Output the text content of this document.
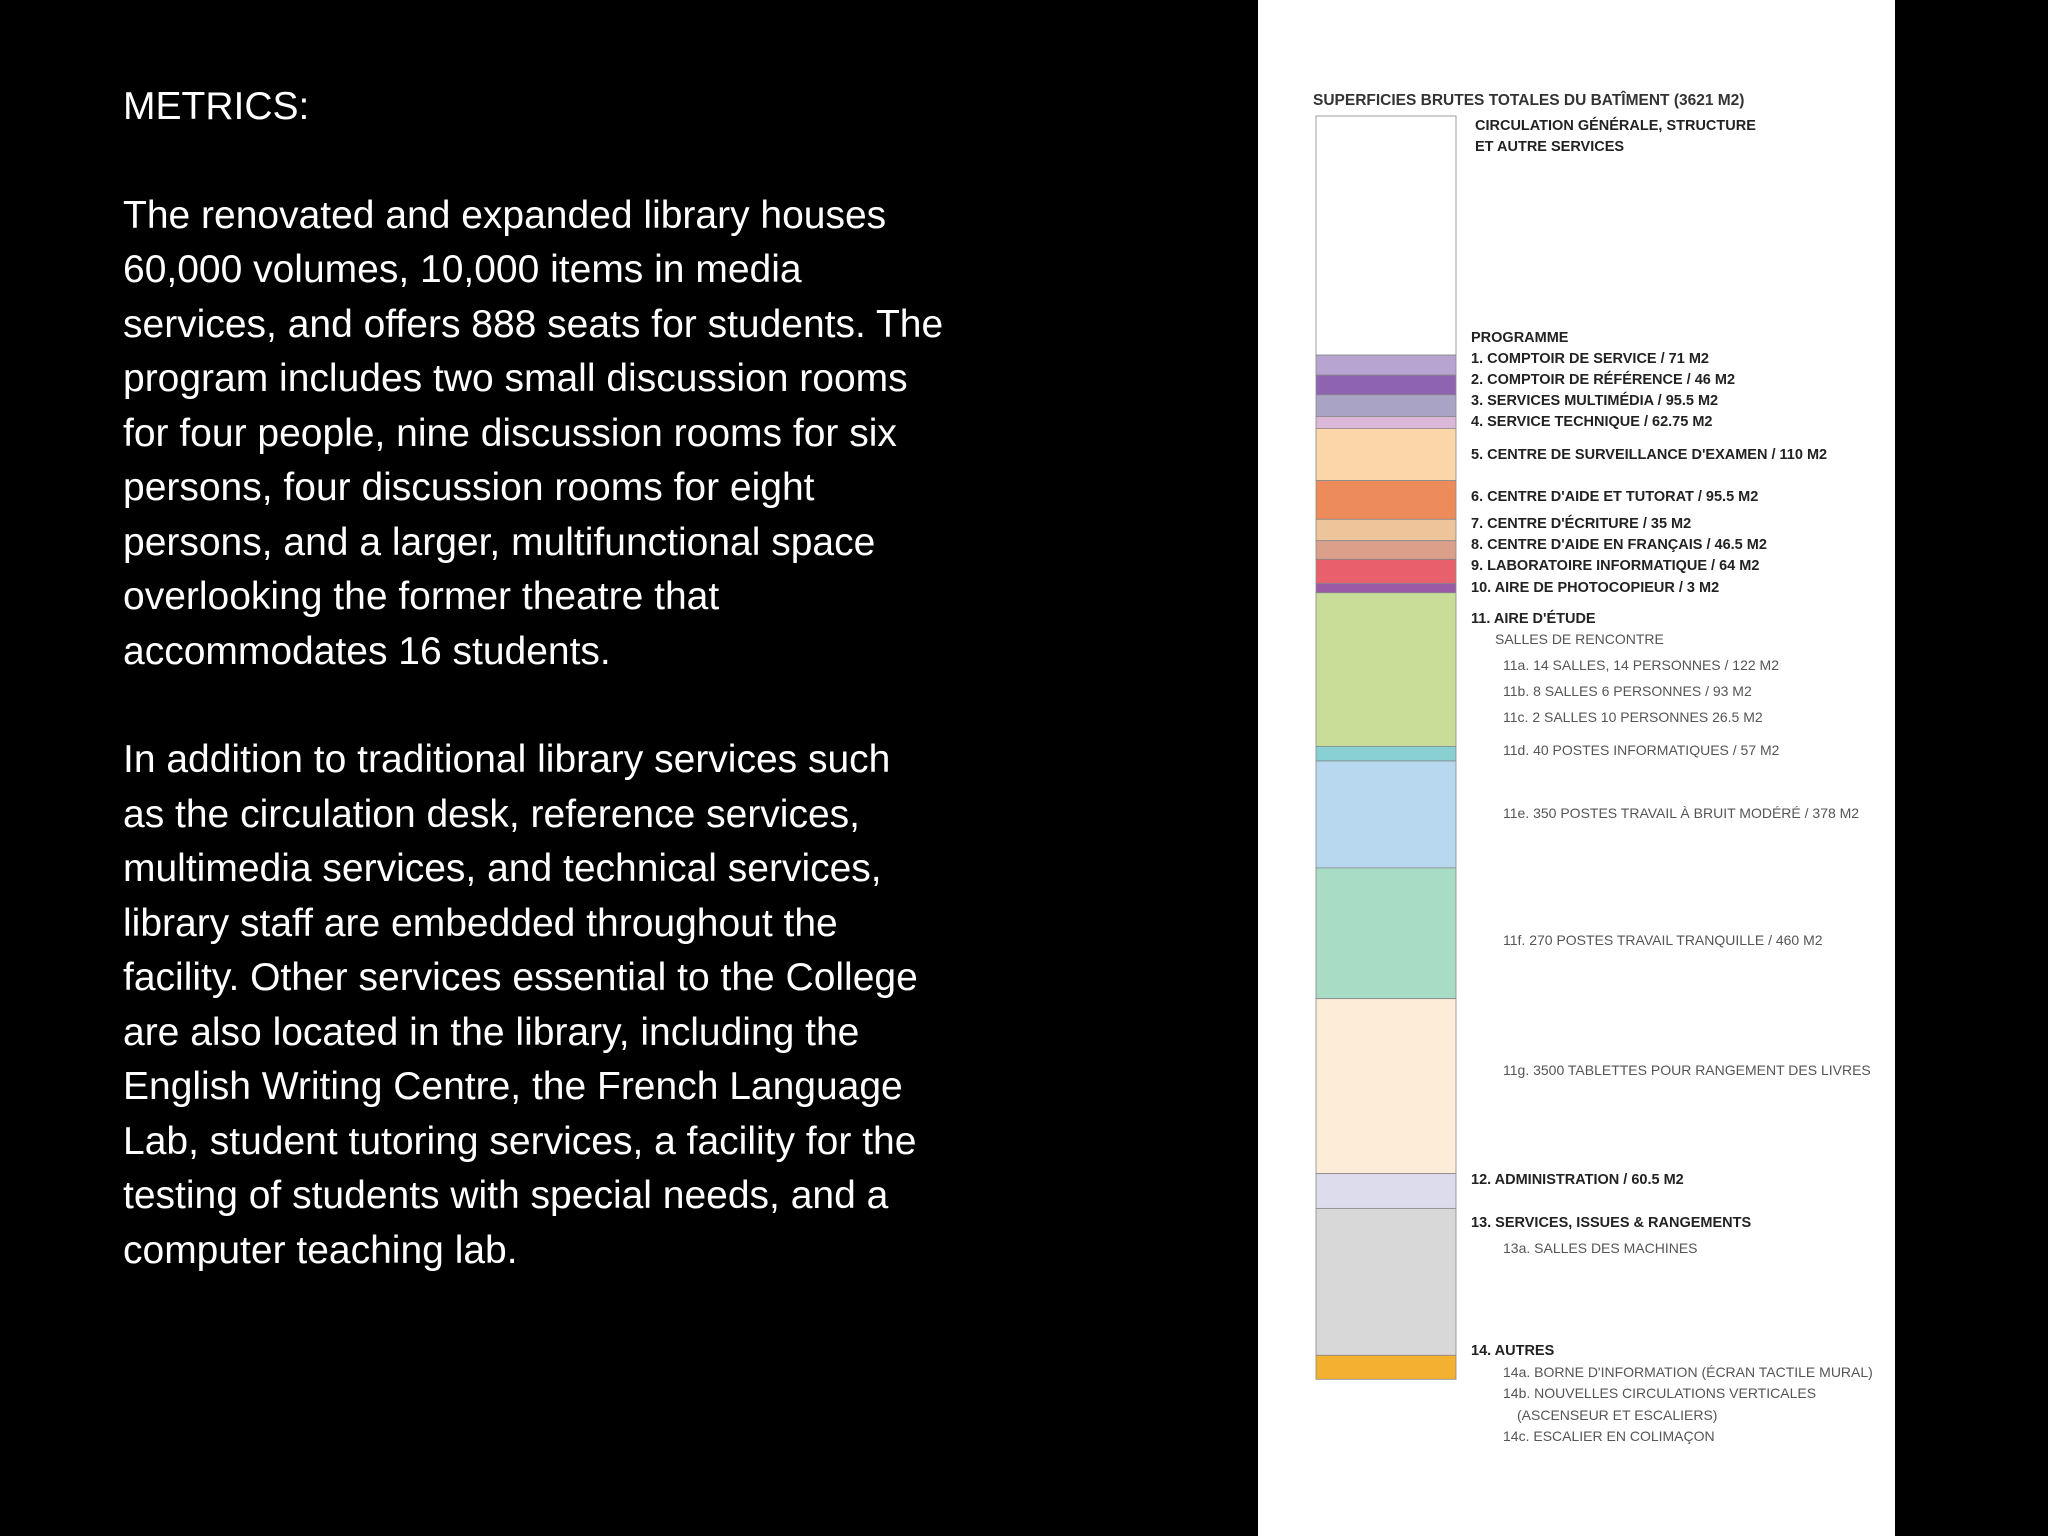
METRICS:

The renovated and expanded library houses
60,000 volumes, 10,000 items in media
services, and offers 888 seats for students. The
program includes two small discussion rooms
for four people, nine discussion rooms for six
persons, four discussion rooms for eight
persons, and a larger, multifunctional space
overlooking the former theatre that
accommodates 16 students.

In addition to traditional library services such
as the circulation desk, reference services,
multimedia services, and technical services,
library staff are embedded throughout the
facility. Other services essential to the College
are also located in the library, including the
English Writing Centre, the French Language
Lab, student tutoring services, a facility for the
testing of students with special needs, and a
computer teaching lab.

SUPERFICIES BRUTES TOTALES DU BATÎMENT (3621 M2)
CIRCULATION GÉNÉRALE, STRUCTURE
ET AUTRE SERVICES
PROGRAMME
1. COMPTOIR DE SERVICE / 71 M2
2. COMPTOIR DE RÉFÉRENCE / 46 M2
3. SERVICES MULTIMÉDIA / 95.5 M2
4. SERVICE TECHNIQUE / 62.75 M2
5. CENTRE DE SURVEILLANCE D'EXAMEN / 110 M2
6. CENTRE D'AIDE ET TUTORAT / 95.5 M2
7. CENTRE D'ÉCRITURE / 35 M2
8. CENTRE D'AIDE EN FRANÇAIS / 46.5 M2
9. LABORATOIRE INFORMATIQUE / 64 M2
10. AIRE DE PHOTOCOPIEUR / 3 M2
11. AIRE D'ÉTUDE
SALLES DE RENCONTRE
11a. 14 SALLES, 14 PERSONNES / 122 M2
11b. 8 SALLES 6 PERSONNES / 93 M2
11c. 2 SALLES 10 PERSONNES 26.5 M2
11d. 40 POSTES INFORMATIQUES / 57 M2
11e. 350 POSTES TRAVAIL À BRUIT MODÉRÉ / 378 M2
11f. 270 POSTES TRAVAIL TRANQUILLE / 460 M2
11g. 3500 TABLETTES POUR RANGEMENT DES LIVRES
12. ADMINISTRATION / 60.5 M2
13. SERVICES, ISSUES & RANGEMENTS
13a. SALLES DES MACHINES
14. AUTRES
14a. BORNE D'INFORMATION (ÉCRAN TACTILE MURAL)
14b. NOUVELLES CIRCULATIONS VERTICALES
(ASCENSEUR ET ESCALIERS)
14c. ESCALIER EN COLIMAÇON
